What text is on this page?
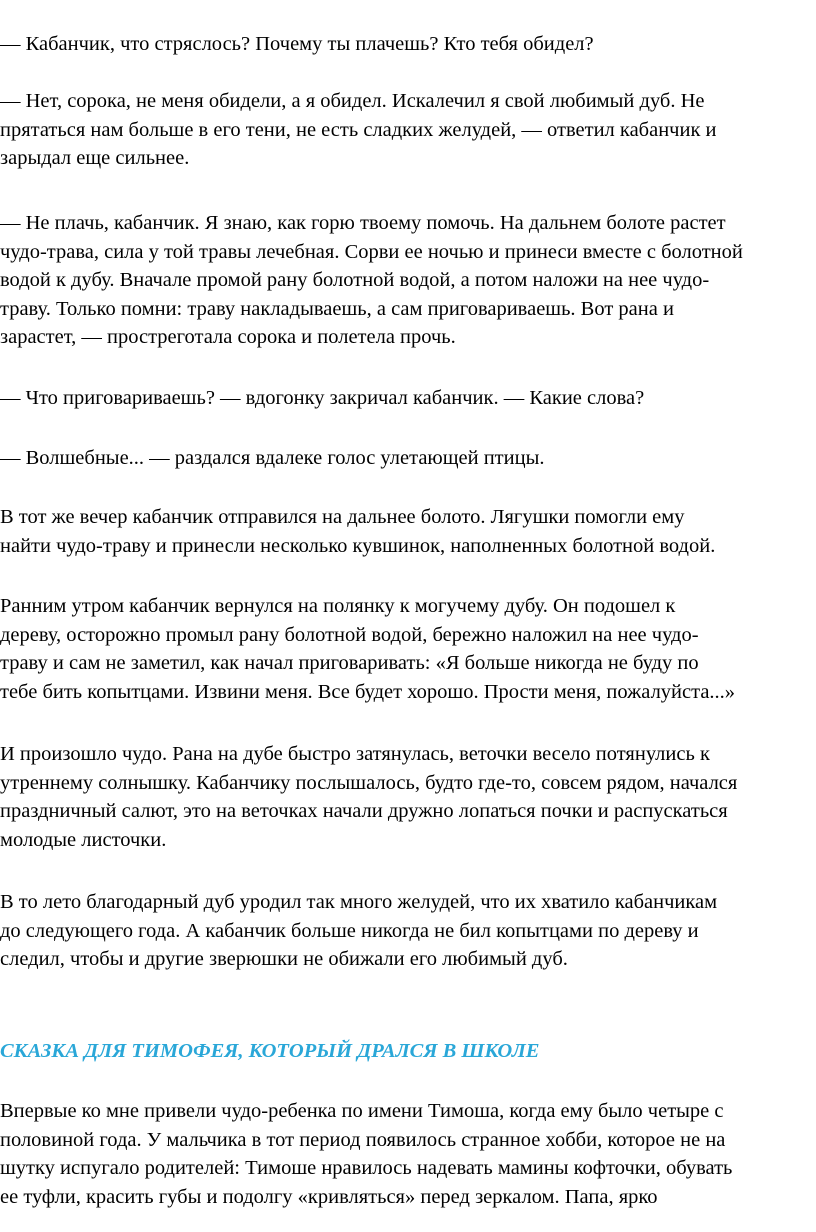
— Кабанчик, что стряслось? Почему ты плачешь? Кто тебя обидел?

— Нет, сорока, не меня обидели, а я обидел. Искалечил я свой любимый дуб. Не
прятаться нам больше в его тени, не есть сладких желудей, — ответил кабанчик и
зарыдал еще сильнее.

— Не плачь, кабанчик. Я знаю, как горю твоему помочь. На дальнем болоте растет
чудо-трава, сила у той травы лечебная. Сорви ее ночью и принеси вместе с болотной
водой к дубу. Вначале промой рану болотной водой, а потом наложи на нее чудо-
траву. Только помни: траву накладываешь, а сам приговариваешь. Вот рана и
зарастет, — простреготала сорока и полетела прочь.

— Что приговариваешь? — вдогонку закричал кабанчик. — Какие слова?

— Волшебные... — раздался вдалеке голос улетающей птицы.

В тот же вечер кабанчик отправился на дальнее болото. Лягушки помогли ему
найти чудо-траву и принесли несколько кувшинок, наполненных болотной водой.

Ранним утром кабанчик вернулся на полянку к могучему дубу. Он подошел к
дереву, осторожно промыл рану болотной водой, бережно наложил на нее чудо-
траву и сам не заметил, как начал приговаривать: «Я больше никогда не буду по
тебе бить копытцами. Извини меня. Все будет хорошо. Прости меня, пожалуйста...»

И произошло чудо. Рана на дубе быстро затянулась, веточки весело потянулись к
утреннему солнышку. Кабанчику послышалось, будто где-то, совсем рядом, начался
праздничный салют, это на веточках начали дружно лопаться почки и распускаться
молодые листочки.

В то лето благодарный дуб уродил так много желудей, что их хватило кабанчикам
до следующего года. А кабанчик больше никогда не бил копытцами по дереву и
следил, чтобы и другие зверюшки не обижали его любимый дуб.

СКАЗКА ДЛЯ ТИМОФЕЯ, КОТОРЫЙ ДРАЛСЯ В ШКОЛЕ

Впервые ко мне привели чудо-ребенка по имени Тимоша, когда ему было четыре с
половиной года. У мальчика в тот период появилось странное хобби, которое не на
шутку испугало родителей: Тимоше нравилось надевать мамины кофточки, обувать
ее туфли, красить губы и подолгу «кривляться» перед зеркалом. Папа, ярко
